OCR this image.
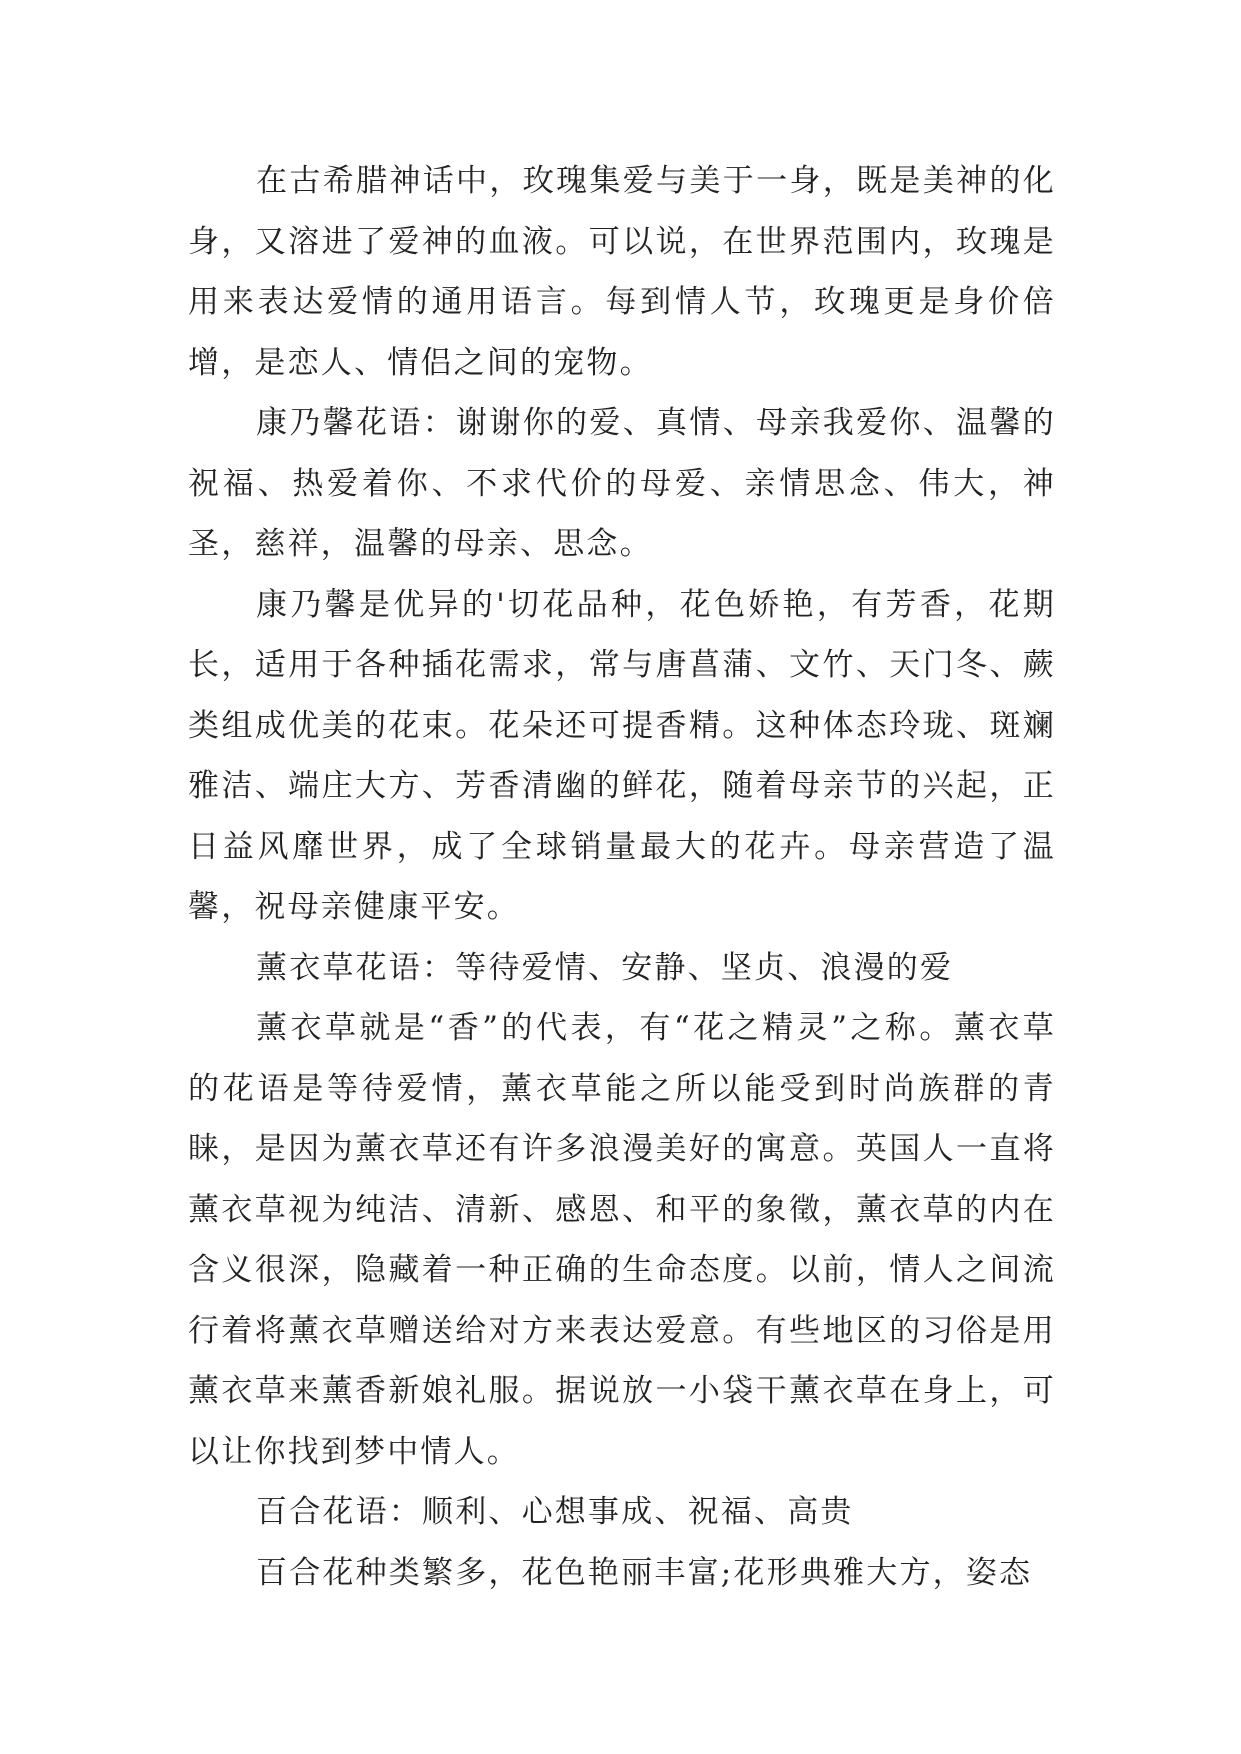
在古希腊神话中，玫瑰集爱与美于一身，既是美神的化身，又溶进了爱神的血液。可以说，在世界范围内，玫瑰是用来表达爱情的通用语言。每到情人节，玫瑰更是身价倍增，是恋人、情侣之间的宠物。

康乃馨花语：谢谢你的爱、真情、母亲我爱你、温馨的祝福、热爱着你、不求代价的母爱、亲情思念、伟大，神圣，慈祥，温馨的母亲、思念。

康乃馨是优异的'切花品种，花色娇艳，有芳香，花期长，适用于各种插花需求，常与唐菖蒲、文竹、天门冬、蕨类组成优美的花束。花朵还可提香精。这种体态玲珑、斑斓雅洁、端庄大方、芳香清幽的鲜花，随着母亲节的兴起，正日益风靡世界，成了全球销量最大的花卉。母亲营造了温馨，祝母亲健康平安。

薰衣草花语：等待爱情、安静、坚贞、浪漫的爱

薰衣草就是“香”的代表，有“花之精灵”之称。薰衣草的花语是等待爱情，薰衣草能之所以能受到时尚族群的青睐，是因为薰衣草还有许多浪漫美好的寓意。英国人一直将薰衣草视为纯洁、清新、感恩、和平的象徵，薰衣草的内在含义很深，隐藏着一种正确的生命态度。以前，情人之间流行着将薰衣草赠送给对方来表达爱意。有些地区的习俗是用薰衣草来薰香新娘礼服。据说放一小袋干薰衣草在身上，可以让你找到梦中情人。

百合花语：顺利、心想事成、祝福、高贵

百合花种类繁多，花色艳丽丰富;花形典雅大方，姿态
